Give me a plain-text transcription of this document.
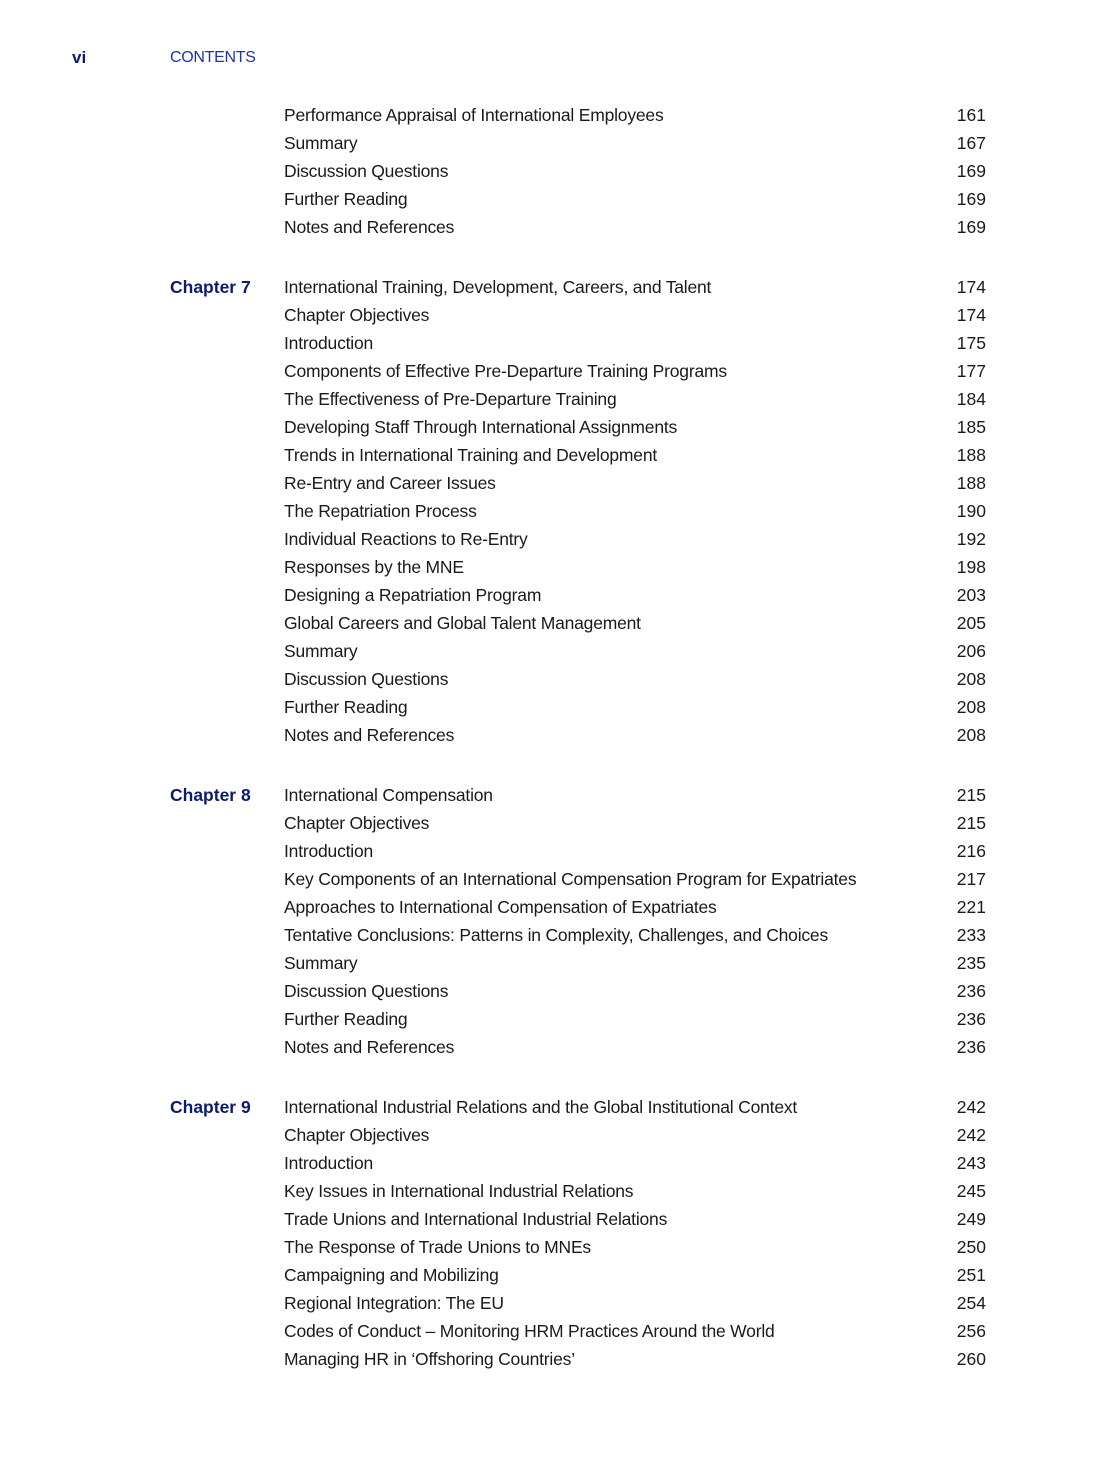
vi	CONTENTS
Performance Appraisal of International Employees	161
Summary	167
Discussion Questions	169
Further Reading	169
Notes and References	169
Chapter 7 International Training, Development, Careers, and Talent	174
Chapter Objectives	174
Introduction	175
Components of Effective Pre-Departure Training Programs	177
The Effectiveness of Pre-Departure Training	184
Developing Staff Through International Assignments	185
Trends in International Training and Development	188
Re-Entry and Career Issues	188
The Repatriation Process	190
Individual Reactions to Re-Entry	192
Responses by the MNE	198
Designing a Repatriation Program	203
Global Careers and Global Talent Management	205
Summary	206
Discussion Questions	208
Further Reading	208
Notes and References	208
Chapter 8 International Compensation	215
Chapter Objectives	215
Introduction	216
Key Components of an International Compensation Program for Expatriates	217
Approaches to International Compensation of Expatriates	221
Tentative Conclusions: Patterns in Complexity, Challenges, and Choices	233
Summary	235
Discussion Questions	236
Further Reading	236
Notes and References	236
Chapter 9 International Industrial Relations and the Global Institutional Context	242
Chapter Objectives	242
Introduction	243
Key Issues in International Industrial Relations	245
Trade Unions and International Industrial Relations	249
The Response of Trade Unions to MNEs	250
Campaigning and Mobilizing	251
Regional Integration: The EU	254
Codes of Conduct – Monitoring HRM Practices Around the World	256
Managing HR in ‘Offshoring Countries’	260
